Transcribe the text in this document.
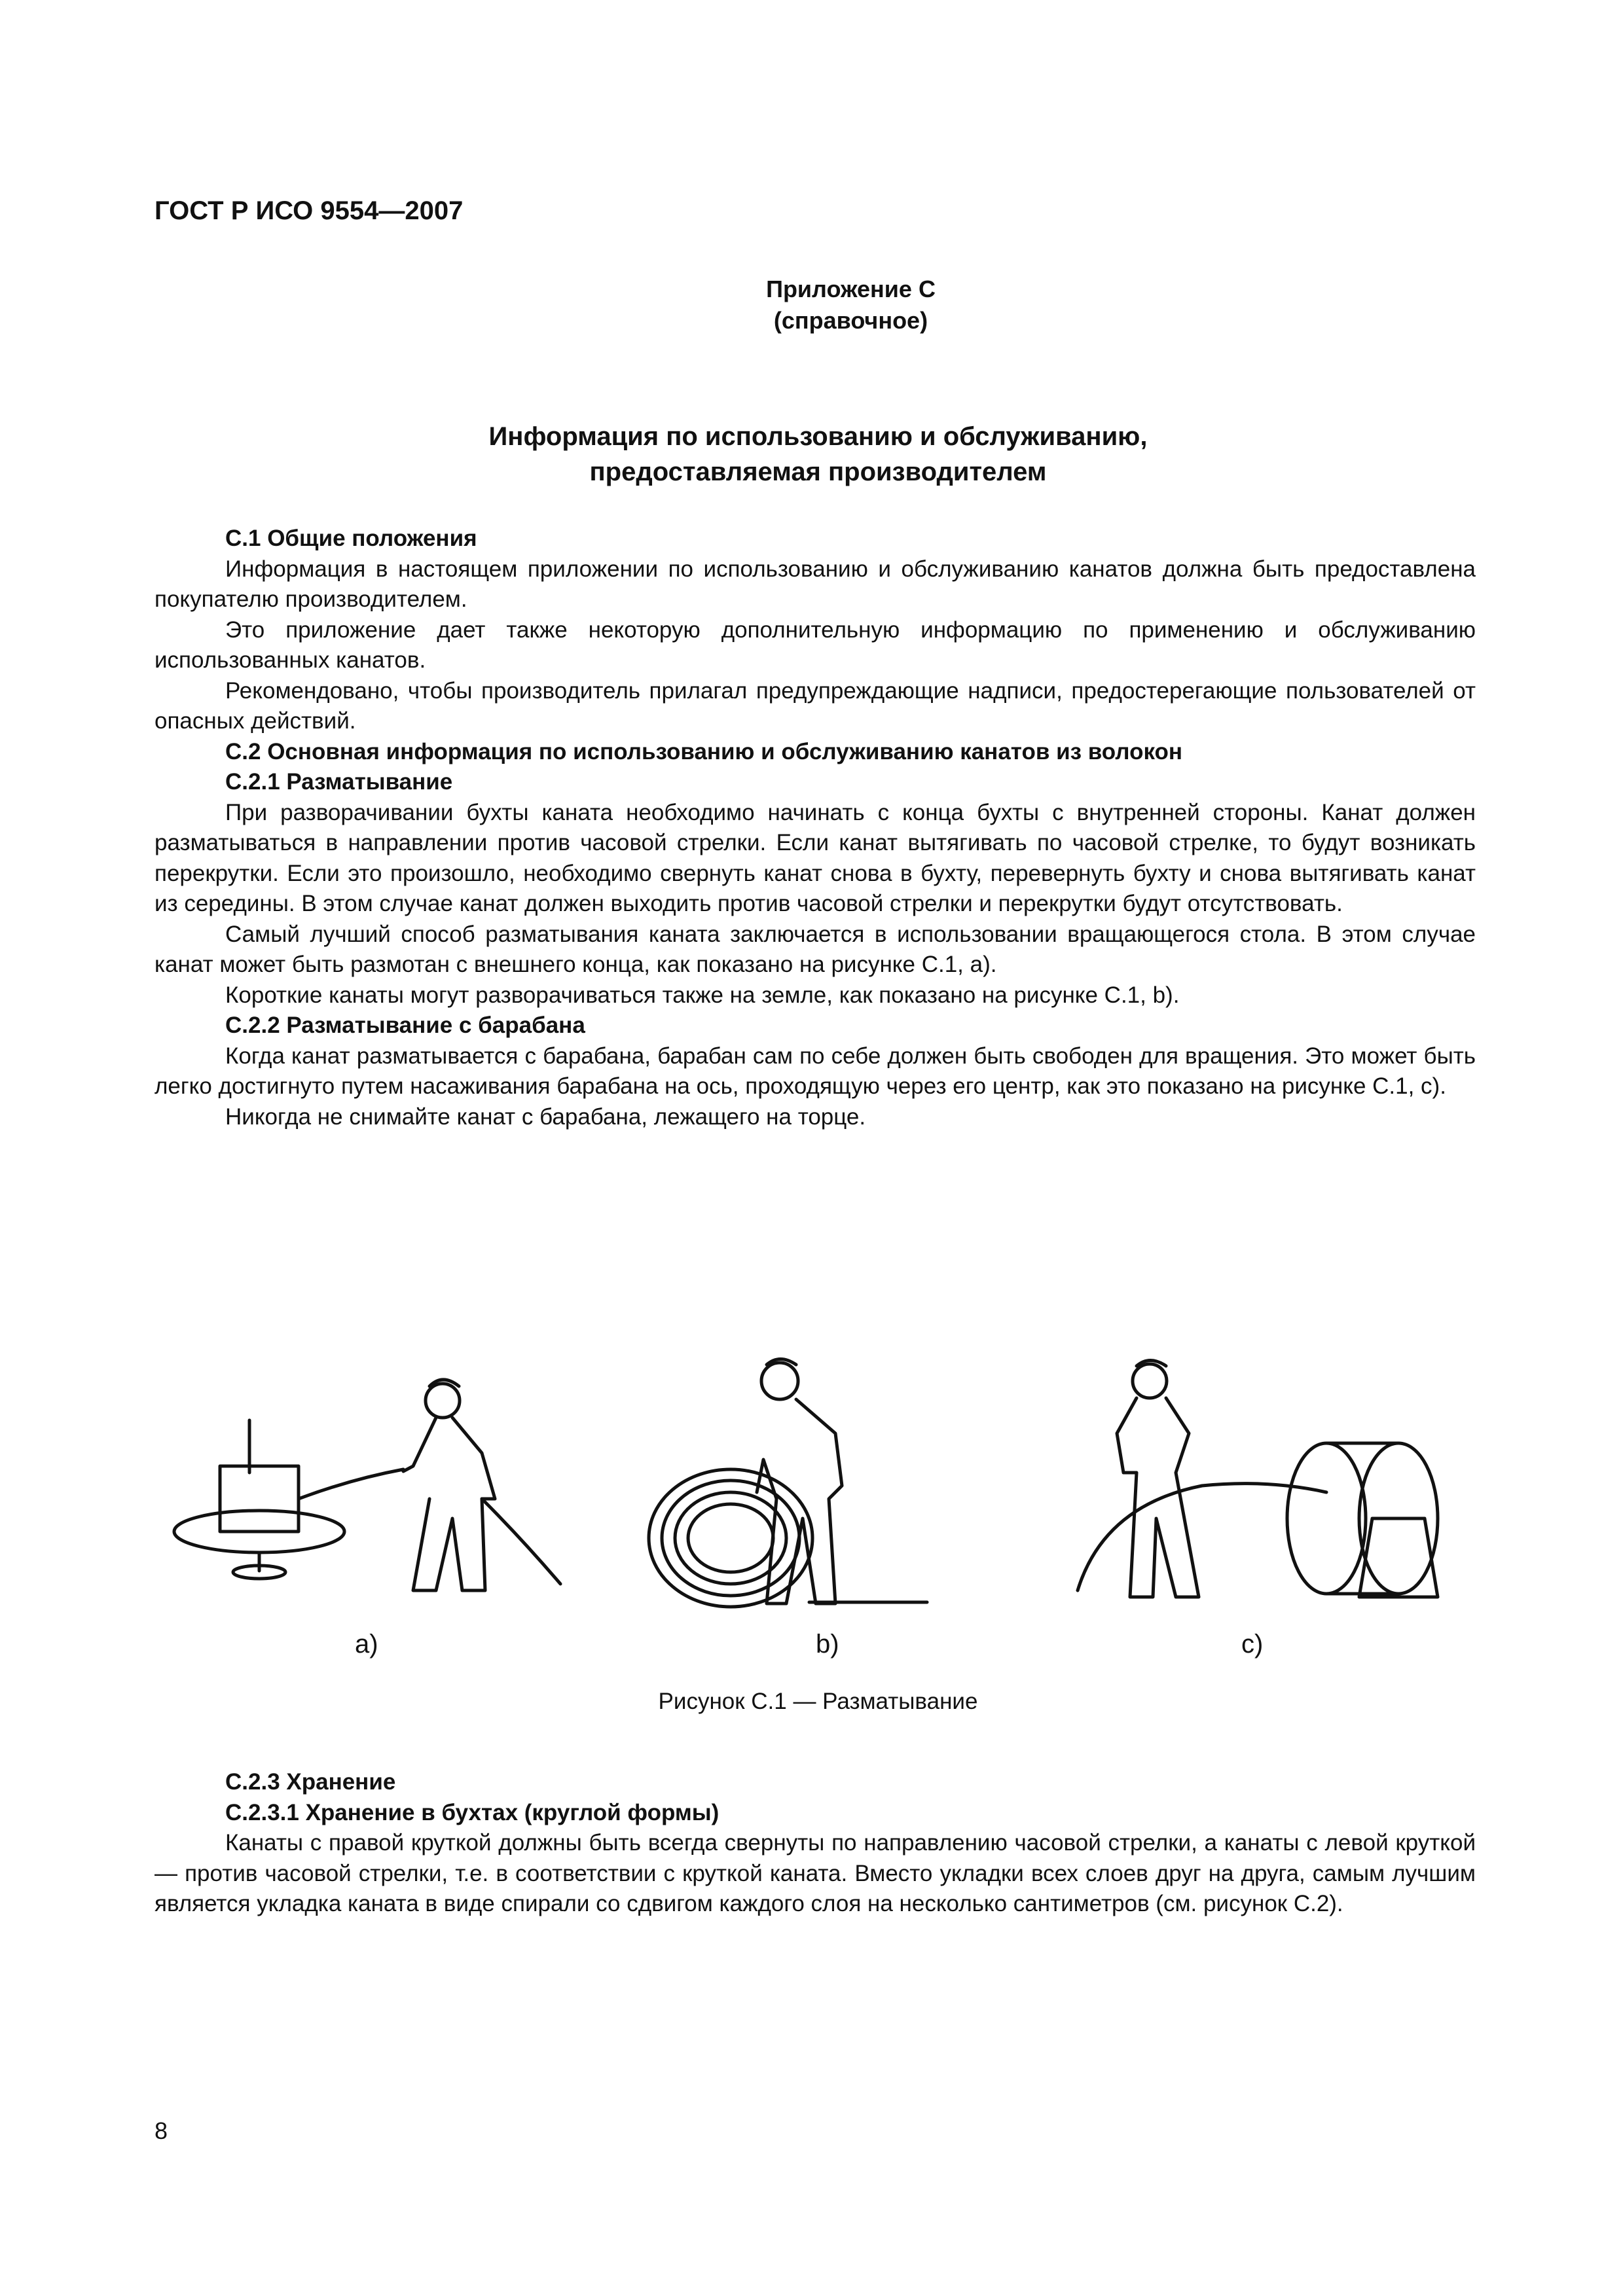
ГОСТ Р ИСО 9554—2007
Приложение С
(справочное)
Информация по использованию и обслуживанию,
предоставляемая производителем

С.1 Общие положения

Информация в настоящем приложении по использованию и обслуживанию канатов должна быть предоставлена покупателю производителем.

Это приложение дает также некоторую дополнительную информацию по применению и обслуживанию использованных канатов.

Рекомендовано, чтобы производитель прилагал предупреждающие надписи, предостерегающие пользователей от опасных действий.

С.2 Основная информация по использованию и обслуживанию канатов из волокон

С.2.1 Разматывание

При разворачивании бухты каната необходимо начинать с конца бухты с внутренней стороны. Канат должен разматываться в направлении против часовой стрелки. Если канат вытягивать по часовой стрелке, то будут возникать перекрутки. Если это произошло, необходимо свернуть канат снова в бухту, перевернуть бухту и снова вытягивать канат из середины. В этом случае канат должен выходить против часовой стрелки и перекрутки будут отсутствовать.

Самый лучший способ разматывания каната заключается в использовании вращающегося стола. В этом случае канат может быть размотан с внешнего конца, как показано на рисунке С.1, а).

Короткие канаты могут разворачиваться также на земле, как показано на рисунке С.1, b).

С.2.2 Разматывание с барабана

Когда канат разматывается с барабана, барабан сам по себе должен быть свободен для вращения. Это может быть легко достигнуто путем насаживания барабана на ось, проходящую через его центр, как это показано на рисунке С.1, с).

Никогда не снимайте канат с барабана, лежащего на торце.

а)	b)	c)
Рисунок С.1 — Разматывание

С.2.3 Хранение

С.2.3.1 Хранение в бухтах (круглой формы)

Канаты с правой круткой должны быть всегда свернуты по направлению часовой стрелки, а канаты с левой круткой — против часовой стрелки, т.е. в соответствии с круткой каната. Вместо укладки всех слоев друг на друга, самым лучшим является укладка каната в виде спирали со сдвигом каждого слоя на несколько сантиметров (см. рисунок С.2).

8
